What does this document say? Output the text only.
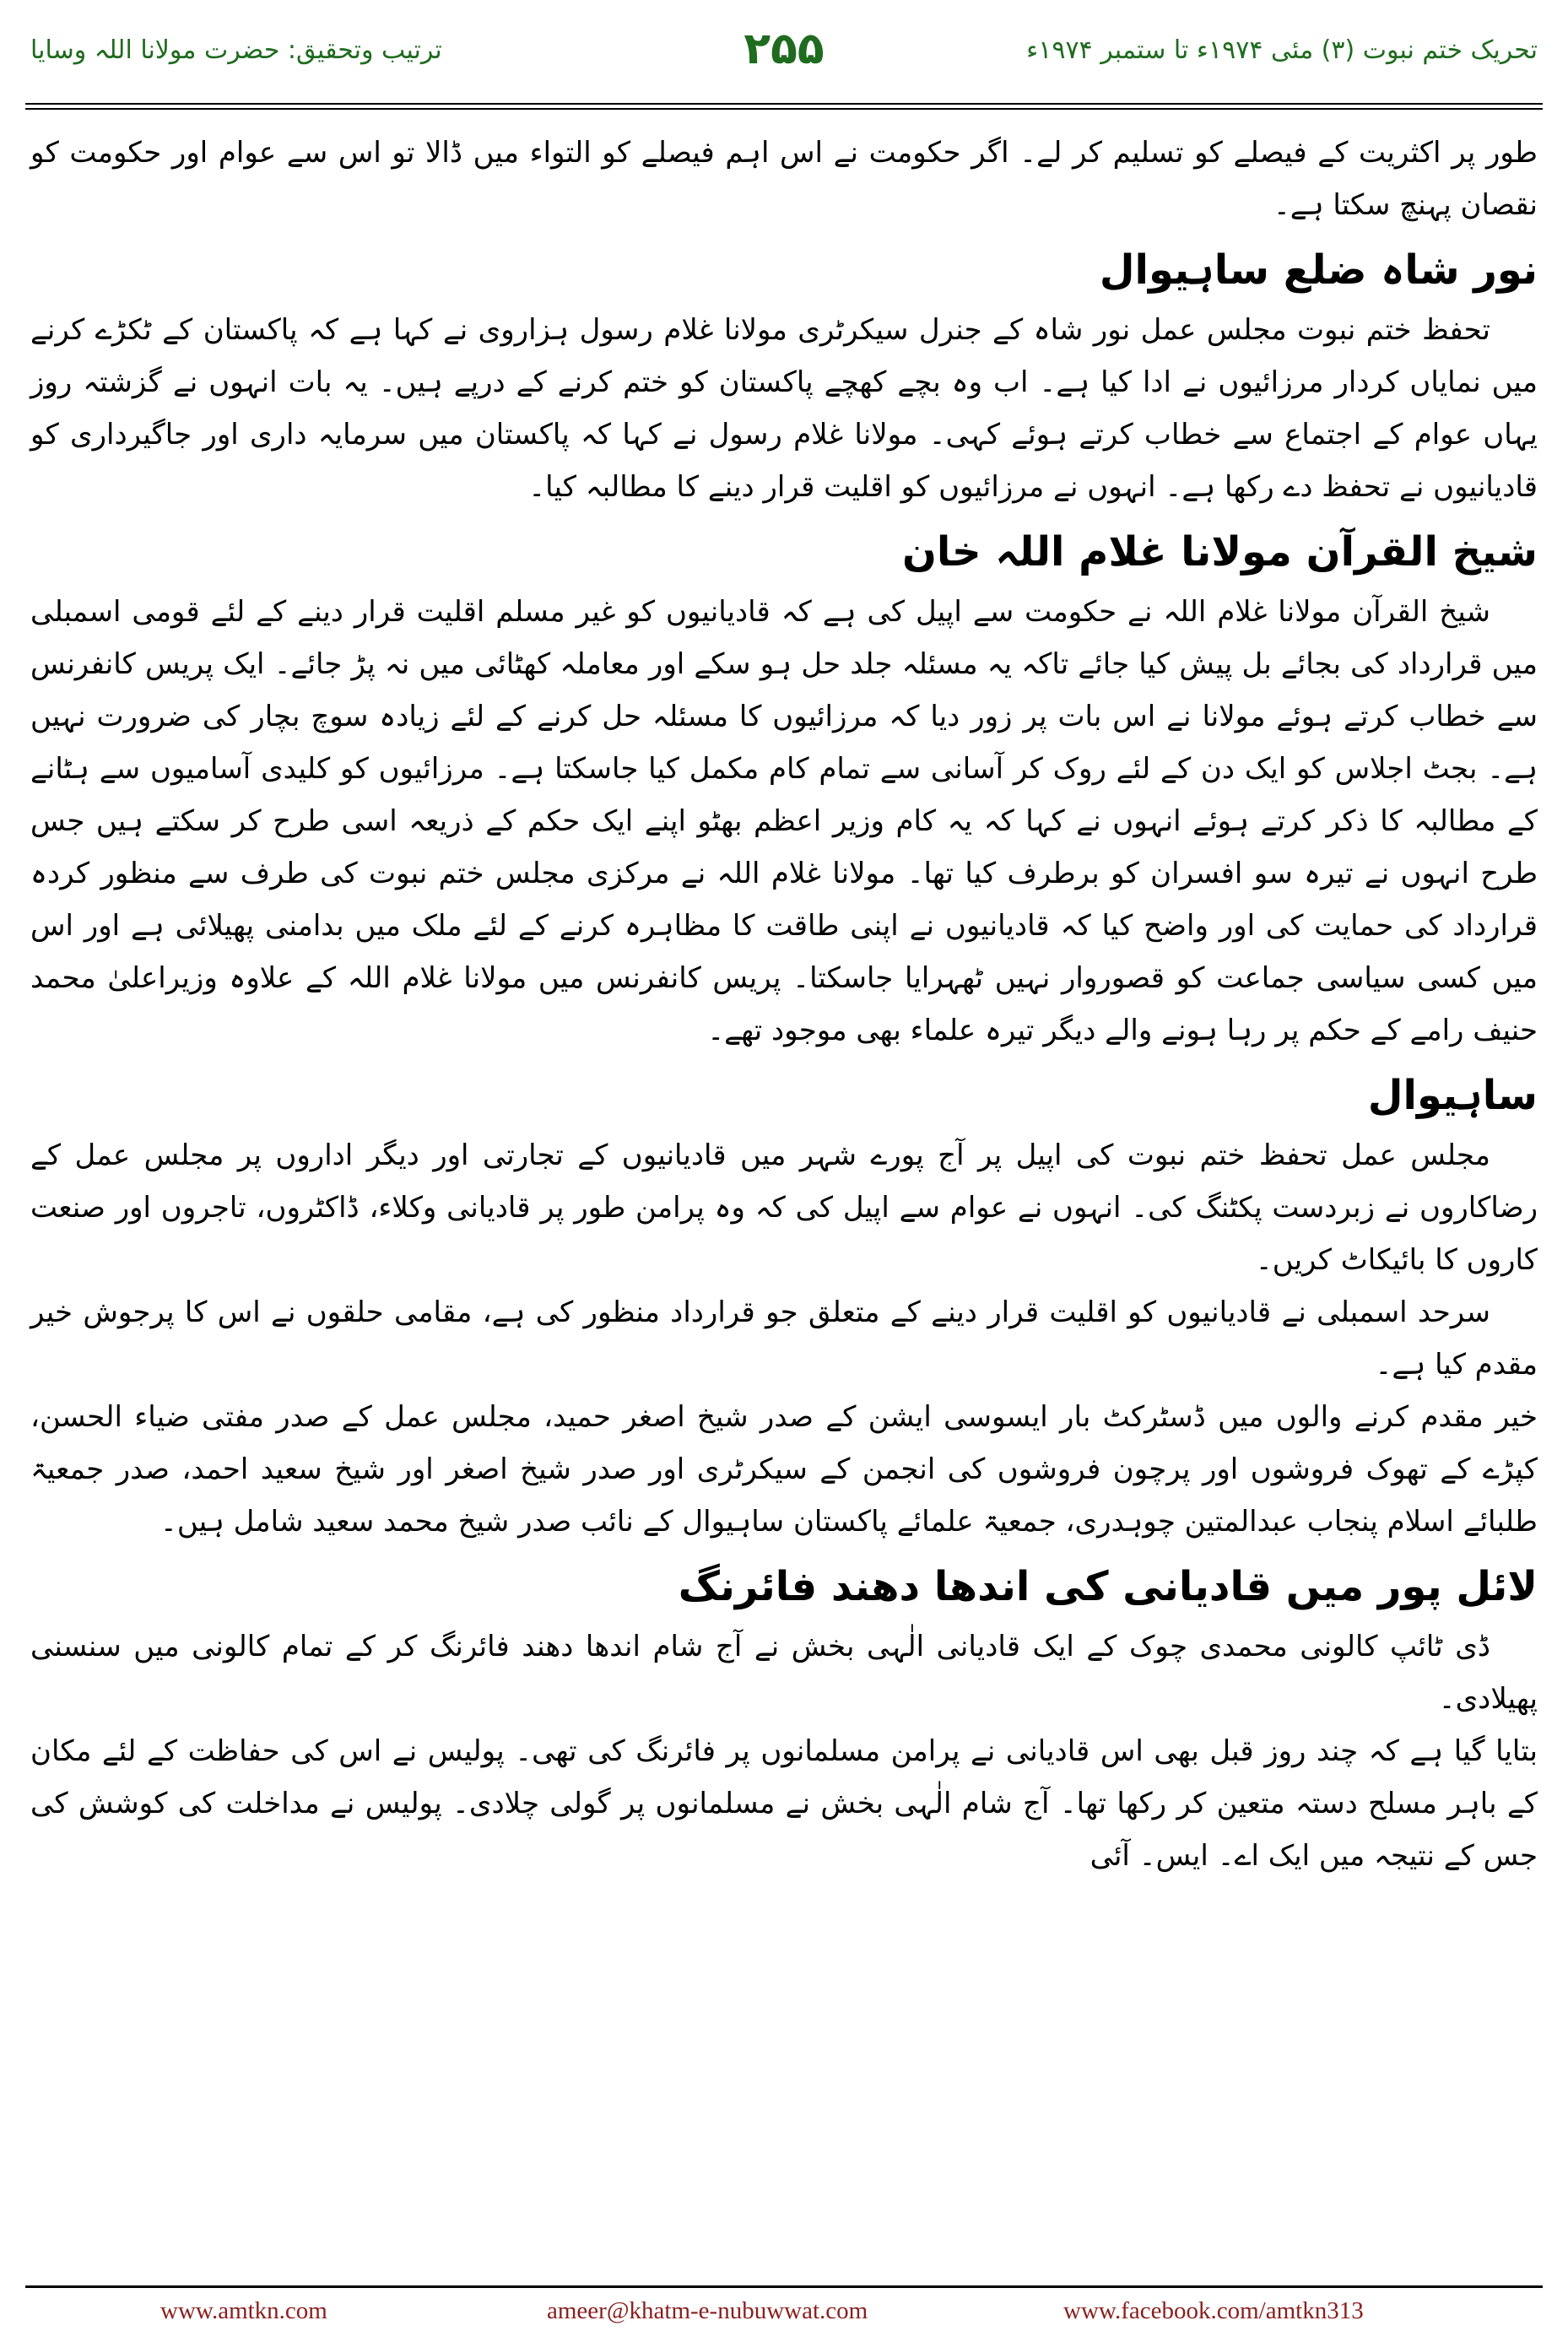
تحریک ختم نبوت (۳) مئی ۱۹۷۴ء تا ستمبر ۱۹۷۴ء
۲۵۵
ترتیب وتحقیق: حضرت مولانا اللہ وسایا

طور پر اکثریت کے فیصلے کو تسلیم کر لے۔ اگر حکومت نے اس اہم فیصلے کو التواء میں ڈالا تو اس سے عوام اور حکومت کو نقصان پہنچ سکتا ہے۔

نور شاہ ضلع ساہیوال

تحفظ ختم نبوت مجلس عمل نور شاہ کے جنرل سیکرٹری مولانا غلام رسول ہزاروی نے کہا ہے کہ پاکستان کے ٹکڑے کرنے میں نمایاں کردار مرزائیوں نے ادا کیا ہے۔ اب وہ بچے کھچے پاکستان کو ختم کرنے کے درپے ہیں۔ یہ بات انہوں نے گزشتہ روز یہاں عوام کے اجتماع سے خطاب کرتے ہوئے کہی۔ مولانا غلام رسول نے کہا کہ پاکستان میں سرمایہ داری اور جاگیرداری کو قادیانیوں نے تحفظ دے رکھا ہے۔ انہوں نے مرزائیوں کو اقلیت قرار دینے کا مطالبہ کیا۔

شیخ القرآن مولانا غلام اللہ خان

شیخ القرآن مولانا غلام اللہ نے حکومت سے اپیل کی ہے کہ قادیانیوں کو غیر مسلم اقلیت قرار دینے کے لئے قومی اسمبلی میں قرارداد کی بجائے بل پیش کیا جائے تاکہ یہ مسئلہ جلد حل ہو سکے اور معاملہ کھٹائی میں نہ پڑ جائے۔ ایک پریس کانفرنس سے خطاب کرتے ہوئے مولانا نے اس بات پر زور دیا کہ مرزائیوں کا مسئلہ حل کرنے کے لئے زیادہ سوچ بچار کی ضرورت نہیں ہے۔ بجٹ اجلاس کو ایک دن کے لئے روک کر آسانی سے تمام کام مکمل کیا جاسکتا ہے۔ مرزائیوں کو کلیدی آسامیوں سے ہٹانے کے مطالبہ کا ذکر کرتے ہوئے انہوں نے کہا کہ یہ کام وزیر اعظم بھٹو اپنے ایک حکم کے ذریعہ اسی طرح کر سکتے ہیں جس طرح انہوں نے تیرہ سو افسران کو برطرف کیا تھا۔ مولانا غلام اللہ نے مرکزی مجلس ختم نبوت کی طرف سے منظور کردہ قرارداد کی حمایت کی اور واضح کیا کہ قادیانیوں نے اپنی طاقت کا مظاہرہ کرنے کے لئے ملک میں بدامنی پھیلائی ہے اور اس میں کسی سیاسی جماعت کو قصوروار نہیں ٹھہرایا جاسکتا۔ پریس کانفرنس میں مولانا غلام اللہ کے علاوہ وزیراعلیٰ محمد حنیف رامے کے حکم پر رہا ہونے والے دیگر تیرہ علماء بھی موجود تھے۔

ساہیوال

مجلس عمل تحفظ ختم نبوت کی اپیل پر آج پورے شہر میں قادیانیوں کے تجارتی اور دیگر اداروں پر مجلس عمل کے رضاکاروں نے زبردست پکٹنگ کی۔ انہوں نے عوام سے اپیل کی کہ وہ پرامن طور پر قادیانی وکلاء، ڈاکٹروں، تاجروں اور صنعت کاروں کا بائیکاٹ کریں۔

سرحد اسمبلی نے قادیانیوں کو اقلیت قرار دینے کے متعلق جو قرارداد منظور کی ہے، مقامی حلقوں نے اس کا پرجوش خیر مقدم کیا ہے۔

خیر مقدم کرنے والوں میں ڈسٹرکٹ بار ایسوسی ایشن کے صدر شیخ اصغر حمید، مجلس عمل کے صدر مفتی ضیاء الحسن، کپڑے کے تھوک فروشوں اور پرچون فروشوں کی انجمن کے سیکرٹری اور صدر شیخ اصغر اور شیخ سعید احمد، صدر جمعیۃ طلبائے اسلام پنجاب عبدالمتین چوہدری، جمعیۃ علمائے پاکستان ساہیوال کے نائب صدر شیخ محمد سعید شامل ہیں۔

لائل پور میں قادیانی کی اندھا دھند فائرنگ

ڈی ٹائپ کالونی محمدی چوک کے ایک قادیانی الٰہی بخش نے آج شام اندھا دھند فائرنگ کر کے تمام کالونی میں سنسنی پھیلادی۔

بتایا گیا ہے کہ چند روز قبل بھی اس قادیانی نے پرامن مسلمانوں پر فائرنگ کی تھی۔ پولیس نے اس کی حفاظت کے لئے مکان کے باہر مسلح دستہ متعین کر رکھا تھا۔ آج شام الٰہی بخش نے مسلمانوں پر گولی چلادی۔ پولیس نے مداخلت کی کوشش کی جس کے نتیجہ میں ایک اے۔ ایس۔ آئی

www.amtkn.com	ameer@khatm-e-nubuwwat.com	www.facebook.com/amtkn313
